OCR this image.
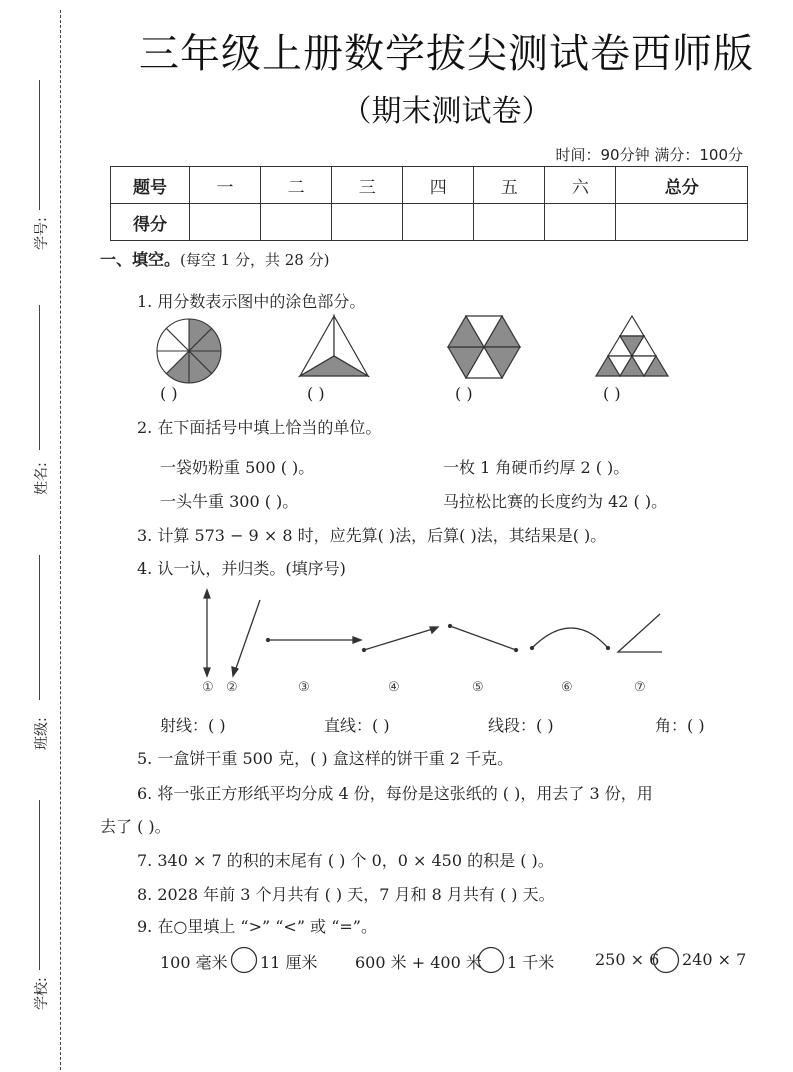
学号:
姓名:
班级:
学校:
三年级上册数学拔尖测试卷西师版
（期末测试卷）
时间：90分钟 满分：100分
题号	一	二	三	四	五	六	总分
得分							
一、填空。(每空 1 分，共 28 分)
1. 用分数表示图中的涂色部分。
( )	( )	( )	( )
2. 在下面括号中填上恰当的单位。
一袋奶粉重 500 ( )。	一枚 1 角硬币约厚 2 ( )。
一头牛重 300 ( )。	马拉松比赛的长度约为 42 ( )。
3. 计算 573 − 9 × 8 时，应先算( )法，后算( )法，其结果是( )。
4. 认一认，并归类。(填序号)
① ②	③	④	⑤	⑥	⑦
射线：( )	直线：( )	线段：( )	角：( )
5. 一盒饼干重 500 克，( ) 盒这样的饼干重 2 千克。
6. 将一张正方形纸平均分成 4 份，每份是这张纸的 ( )，用去了 3 份，用
去了 ( )。
7. 340 × 7 的积的末尾有 ( ) 个 0，0 × 450 的积是 ( )。
8. 2028 年前 3 个月共有 ( ) 天，7 月和 8 月共有 ( ) 天。
9. 在○里填上 “>” “<” 或 “=”。
100 毫米 11 厘米 600 米 + 400 米 1 千米	250 × 6 240 × 7
